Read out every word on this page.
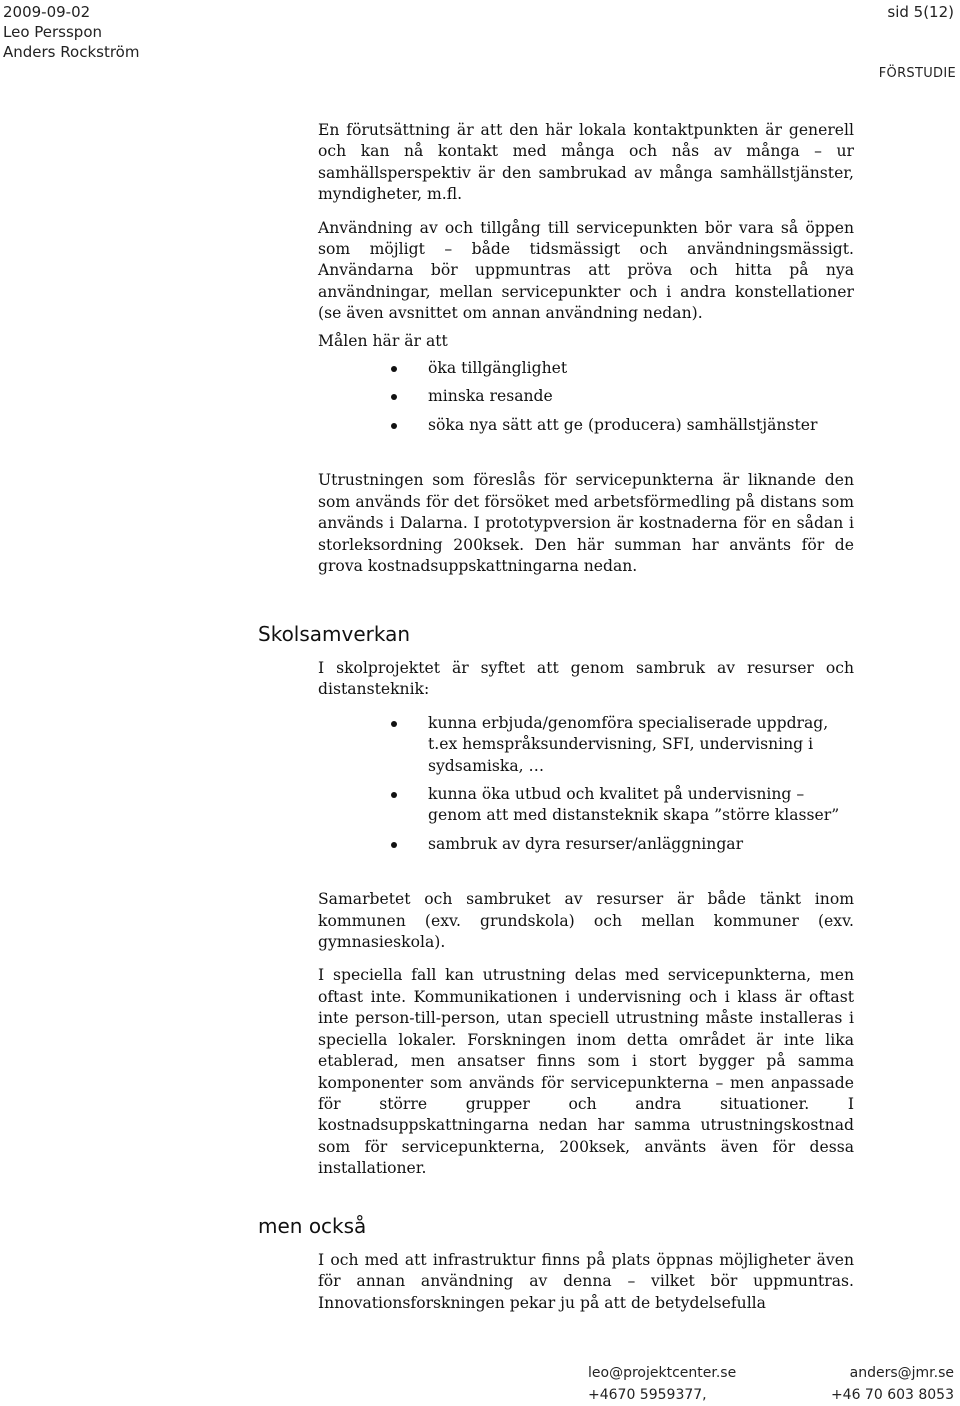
2009-09-02
Leo Persspon
Anders Rockström
sid 5(12)
FÖRSTUDIE

En förutsättning är att den här lokala kontaktpunkten är generell och kan nå kontakt med många och nås av många – ur samhällsperspektiv är den sambrukad av många samhällstjänster, myndigheter, m.fl.

Användning av och tillgång till servicepunkten bör vara så öppen som möjligt – både tidsmässigt och användningsmässigt. Användarna bör uppmuntras att pröva och hitta på nya användningar, mellan servicepunkter och i andra konstellationer (se även avsnittet om annan användning nedan).

Målen här är att

öka tillgänglighet
minska resande
söka nya sätt att ge (producera) samhällstjänster

Utrustningen som föreslås för servicepunkterna är liknande den som används för det försöket med arbetsförmedling på distans som används i Dalarna. I prototypversion är kostnaderna för en sådan i storleksordning 200ksek. Den här summan har använts för de grova kostnadsuppskattningarna nedan.

Skolsamverkan

I skolprojektet är syftet att genom sambruk av resurser och distansteknik:

kunna erbjuda/genomföra specialiserade uppdrag, t.ex hemspråksundervisning, SFI, undervisning i sydsamiska, …
kunna öka utbud och kvalitet på undervisning – genom att med distansteknik skapa ”större klasser”
sambruk av dyra resurser/anläggningar

Samarbetet och sambruket av resurser är både tänkt inom kommunen (exv. grundskola) och mellan kommuner (exv. gymnasieskola).

I speciella fall kan utrustning delas med servicepunkterna, men oftast inte. Kommunikationen i undervisning och i klass är oftast inte person-till-person, utan speciell utrustning måste installeras i speciella lokaler. Forskningen inom detta området är inte lika etablerad, men ansatser finns som i stort bygger på samma komponenter som används för servicepunkterna – men anpassade för större grupper och andra situationer. I kostnadsuppskattningarna nedan har samma utrustningskostnad som för servicepunkterna, 200ksek, använts även för dessa installationer.

men också

I och med att infrastruktur finns på plats öppnas möjligheter även för annan användning av denna – vilket bör uppmuntras. Innovationsforskningen pekar ju på att de betydelsefulla

leo@projektcenter.se
+4670 5959377,
anders@jmr.se
+46 70 603 8053
